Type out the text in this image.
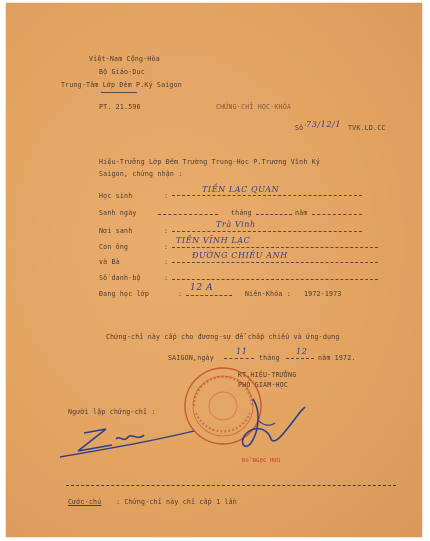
Việt-Nam Cộng-Hòa
Bộ Giáo-Dục
Trung-Tâm Lớp Đêm P.Ký Saigon
PT. 21.596	CHỨNG-CHỈ HỌC-KHÓA
Số 73/12/1 TVK.LD.CC
Hiệu-Trưởng Lớp Đêm Trường Trung-Học P.Trương Vĩnh Ký
Saigon, chứng nhận :
Học sinh	:
TIỀN LẠC QUAN
Sanh ngày	tháng	năm
Nơi sanh	:
Trà Vinh
Con ông	:
TIỀN VĨNH LẠC
và Bà	:
ĐƯỜNG CHIÊU ANH
Số danh-bộ	:
Đang học lớp	:
12 A
Niên-Khóa : 1972-1973
Chứng-chỉ này cấp cho đương-sự để chấp chiếu và ứng-dụng
SAIGON,ngày
11
tháng
12
năm 1972.
KT.HIỆU-TRƯỞNG
PHÓ GIÁM-HỌC
Đỗ NGỌC HƯU
Người lập chứng-chỉ :
Cước-chú : Chứng-chỉ này chỉ cấp 1 lần
